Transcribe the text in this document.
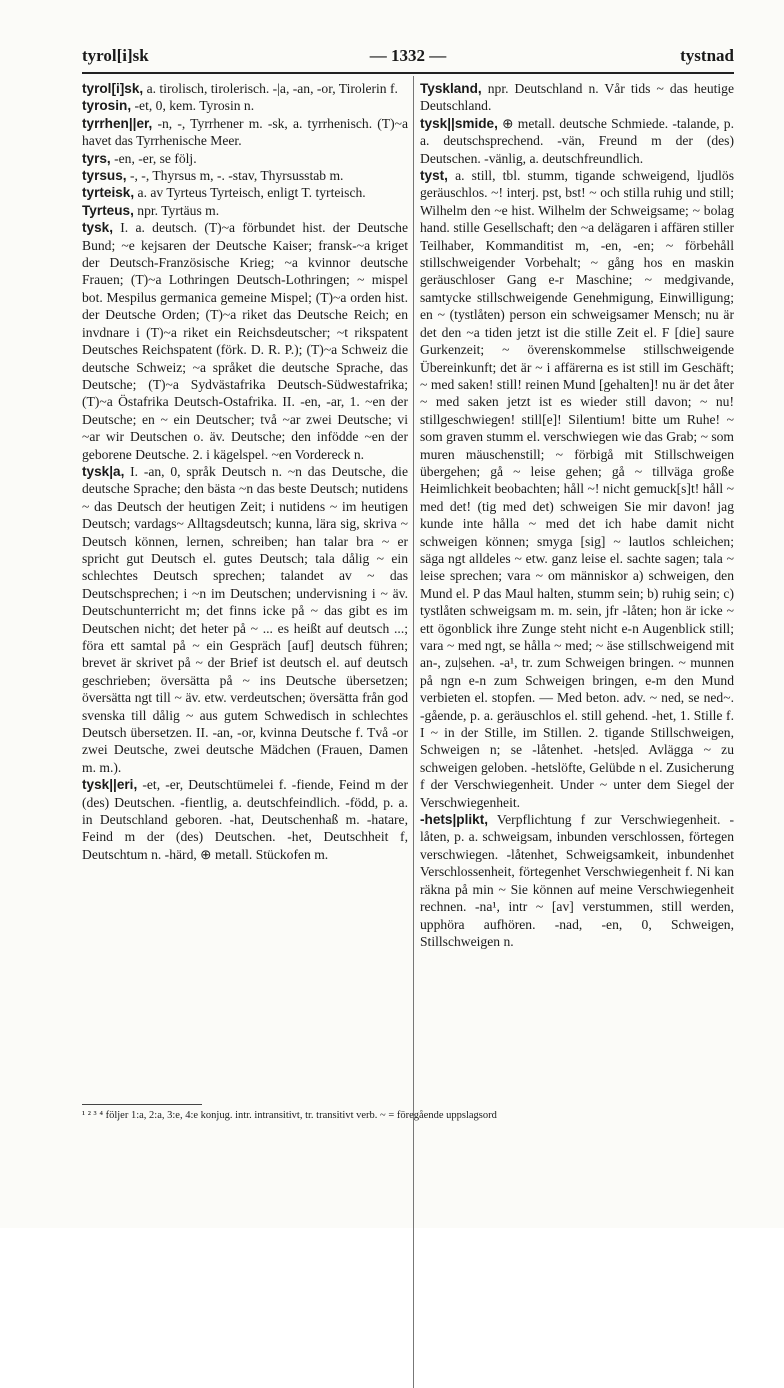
tyrol[i]sk	— 1332 —	tystnad
tyrol[i]sk, a. tirolisch, tirolerisch. -|a, -an, -or, Tirolerin f.
tyrosin, -et, 0, kem. Tyrosin n.
tyrrhen||er, -n, -, Tyrrhener m. -sk, a. tyrrhenisch. (T)~a havet das Tyrrhenische Meer.
tyrs, -en, -er, se följ.
tyrsus, -, -, Thyrsus m, -. -stav, Thyrsusstab m.
tyrteisk, a. av Tyrteus Tyrteisch, enligt T. tyrteisch.
Tyrteus, npr. Tyrtäus m.
tysk, I. a. deutsch. (T)~a förbundet hist. der Deutsche Bund; ~e kejsaren der Deutsche Kaiser; fransk-~a kriget der Deutsch-Französische Krieg; ~a kvinnor deutsche Frauen; (T)~a Lothringen Deutsch-Lothringen; ~ mispel bot. Mespilus germanica gemeine Mispel; (T)~a orden hist. der Deutsche Orden; (T)~a riket das Deutsche Reich; en invdnare i (T)~a riket ein Reichsdeutscher; ~t rikspatent Deutsches Reichspatent (förk. D. R. P.); (T)~a Schweiz die deutsche Schweiz; ~a språket die deutsche Sprache, das Deutsche; (T)~a Sydvästafrika Deutsch-Südwestafrika; (T)~a Östafrika Deutsch-Ostafrika. II. -en, -ar, 1. ~en der Deutsche; en ~ ein Deutscher; två ~ar zwei Deutsche; vi ~ar wir Deutschen o. äv. Deutsche; den infödde ~en der geborene Deutsche. 2. i kägelspel. ~en Vordereck n.
tysk|a, I. -an, 0, språk Deutsch n. ~n das Deutsche, die deutsche Sprache; den bästa ~n das beste Deutsch; nutidens ~ das Deutsch der heutigen Zeit; i nutidens ~ im heutigen Deutsch; vardags~ Alltagsdeutsch; kunna, lära sig, skriva ~ Deutsch können, lernen, schreiben; han talar bra ~ er spricht gut Deutsch el. gutes Deutsch; tala dålig ~ ein schlechtes Deutsch sprechen; talandet av ~ das Deutschsprechen; i ~n im Deutschen; undervisning i ~ äv. Deutschunterricht m; det finns icke på ~ das gibt es im Deutschen nicht; det heter på ~ ... es heißt auf deutsch ...; föra ett samtal på ~ ein Gespräch [auf] deutsch führen; brevet är skrivet på ~ der Brief ist deutsch el. auf deutsch geschrieben; översätta på ~ ins Deutsche übersetzen; översätta ngt till ~ äv. etw. verdeutschen; översätta från god svenska till dålig ~ aus gutem Schwedisch in schlechtes Deutsch übersetzen. II. -an, -or, kvinna Deutsche f. Två -or zwei Deutsche, zwei deutsche Mädchen (Frauen, Damen m. m.).
tysk||eri, -et, -er, Deutschtümelei f. -fiende, Feind m der (des) Deutschen. -fientlig, a. deutschfeindlich. -född, p. a. in Deutschland geboren. -hat, Deutschenhaß m. -hatare, Feind m der (des) Deutschen. -het, Deutschheit f, Deutschtum n. -härd, ⊕ metall. Stückofen m.
Tyskland, npr. Deutschland n. Vår tids ~ das heutige Deutschland.
tysk||smide, ⊕ metall. deutsche Schmiede. -talande, p. a. deutschsprechend. -vän, Freund m der (des) Deutschen. -vänlig, a. deutschfreundlich.
tyst, a. still, tbl. stumm, tigande schweigend, ljudlös geräuschlos. ~! interj. pst, bst! ~ och stilla ruhig und still; Wilhelm den ~e hist. Wilhelm der Schweigsame; ~ bolag hand. stille Gesellschaft; den ~a delägaren i affären stiller Teilhaber, Kommanditist m, -en, -en; ~ förbehåll stillschweigender Vorbehalt; ~ gång hos en maskin geräuschloser Gang e-r Maschine; ~ medgivande, samtycke stillschweigende Genehmigung, Einwilligung; en ~ (tystlåten) person ein schweigsamer Mensch; nu är det den ~a tiden jetzt ist die stille Zeit el. F [die] saure Gurkenzeit; ~ överenskommelse stillschweigende Übereinkunft; det är ~ i affärerna es ist still im Geschäft; ~ med saken! still! reinen Mund [gehalten]! nu är det åter ~ med saken jetzt ist es wieder still davon; ~ nu! stillgeschwiegen! still[e]! Silentium! bitte um Ruhe! ~ som graven stumm el. verschwiegen wie das Grab; ~ som muren mäuschenstill; ~ förbigå mit Stillschweigen übergehen; gå ~ leise gehen; gå ~ tillväga große Heimlichkeit beobachten; håll ~! nicht gemuck[s]t! håll ~ med det! (tig med det) schweigen Sie mir davon! jag kunde inte hålla ~ med det ich habe damit nicht schweigen können; smyga [sig] ~ lautlos schleichen; säga ngt alldeles ~ etw. ganz leise el. sachte sagen; tala ~ leise sprechen; vara ~ om människor a) schweigen, den Mund el. P das Maul halten, stumm sein; b) ruhig sein; c) tystlåten schweigsam m. m. sein, jfr -låten; hon är icke ~ ett ögonblick ihre Zunge steht nicht e-n Augenblick still; vara ~ med ngt, se hålla ~ med; ~ äse stillschweigend mit an-, zu|sehen. -a¹, tr. zum Schweigen bringen. ~ munnen på ngn e-n zum Schweigen bringen, e-m den Mund verbieten el. stopfen. — Med beton. adv. ~ ned, se ned~. -gående, p. a. geräuschlos el. still gehend. -het, 1. Stille f. I ~ in der Stille, im Stillen. 2. tigande Stillschweigen, Schweigen n; se -låtenhet. -hets|ed. Avlägga ~ zu schweigen geloben. -hetslöfte, Gelübde n el. Zusicherung f der Verschwiegenheit. Under ~ unter dem Siegel der Verschwiegenheit.
-hets|plikt, Verpflichtung f zur Verschwiegenheit. -låten, p. a. schweigsam, inbunden verschlossen, förtegen verschwiegen. -låtenhet, Schweigsamkeit, inbundenhet Verschlossenheit, förtegenhet Verschwiegenheit f. Ni kan räkna på min ~ Sie können auf meine Verschwiegenheit rechnen. -na¹, intr ~ [av] verstummen, still werden, upphöra aufhören. -nad, -en, 0, Schweigen, Stillschweigen n.
¹ ² ³ ⁴ följer 1:a, 2:a, 3:e, 4:e konjug. intr. intransitivt, tr. transitivt verb. ~ = föregående uppslagsord
